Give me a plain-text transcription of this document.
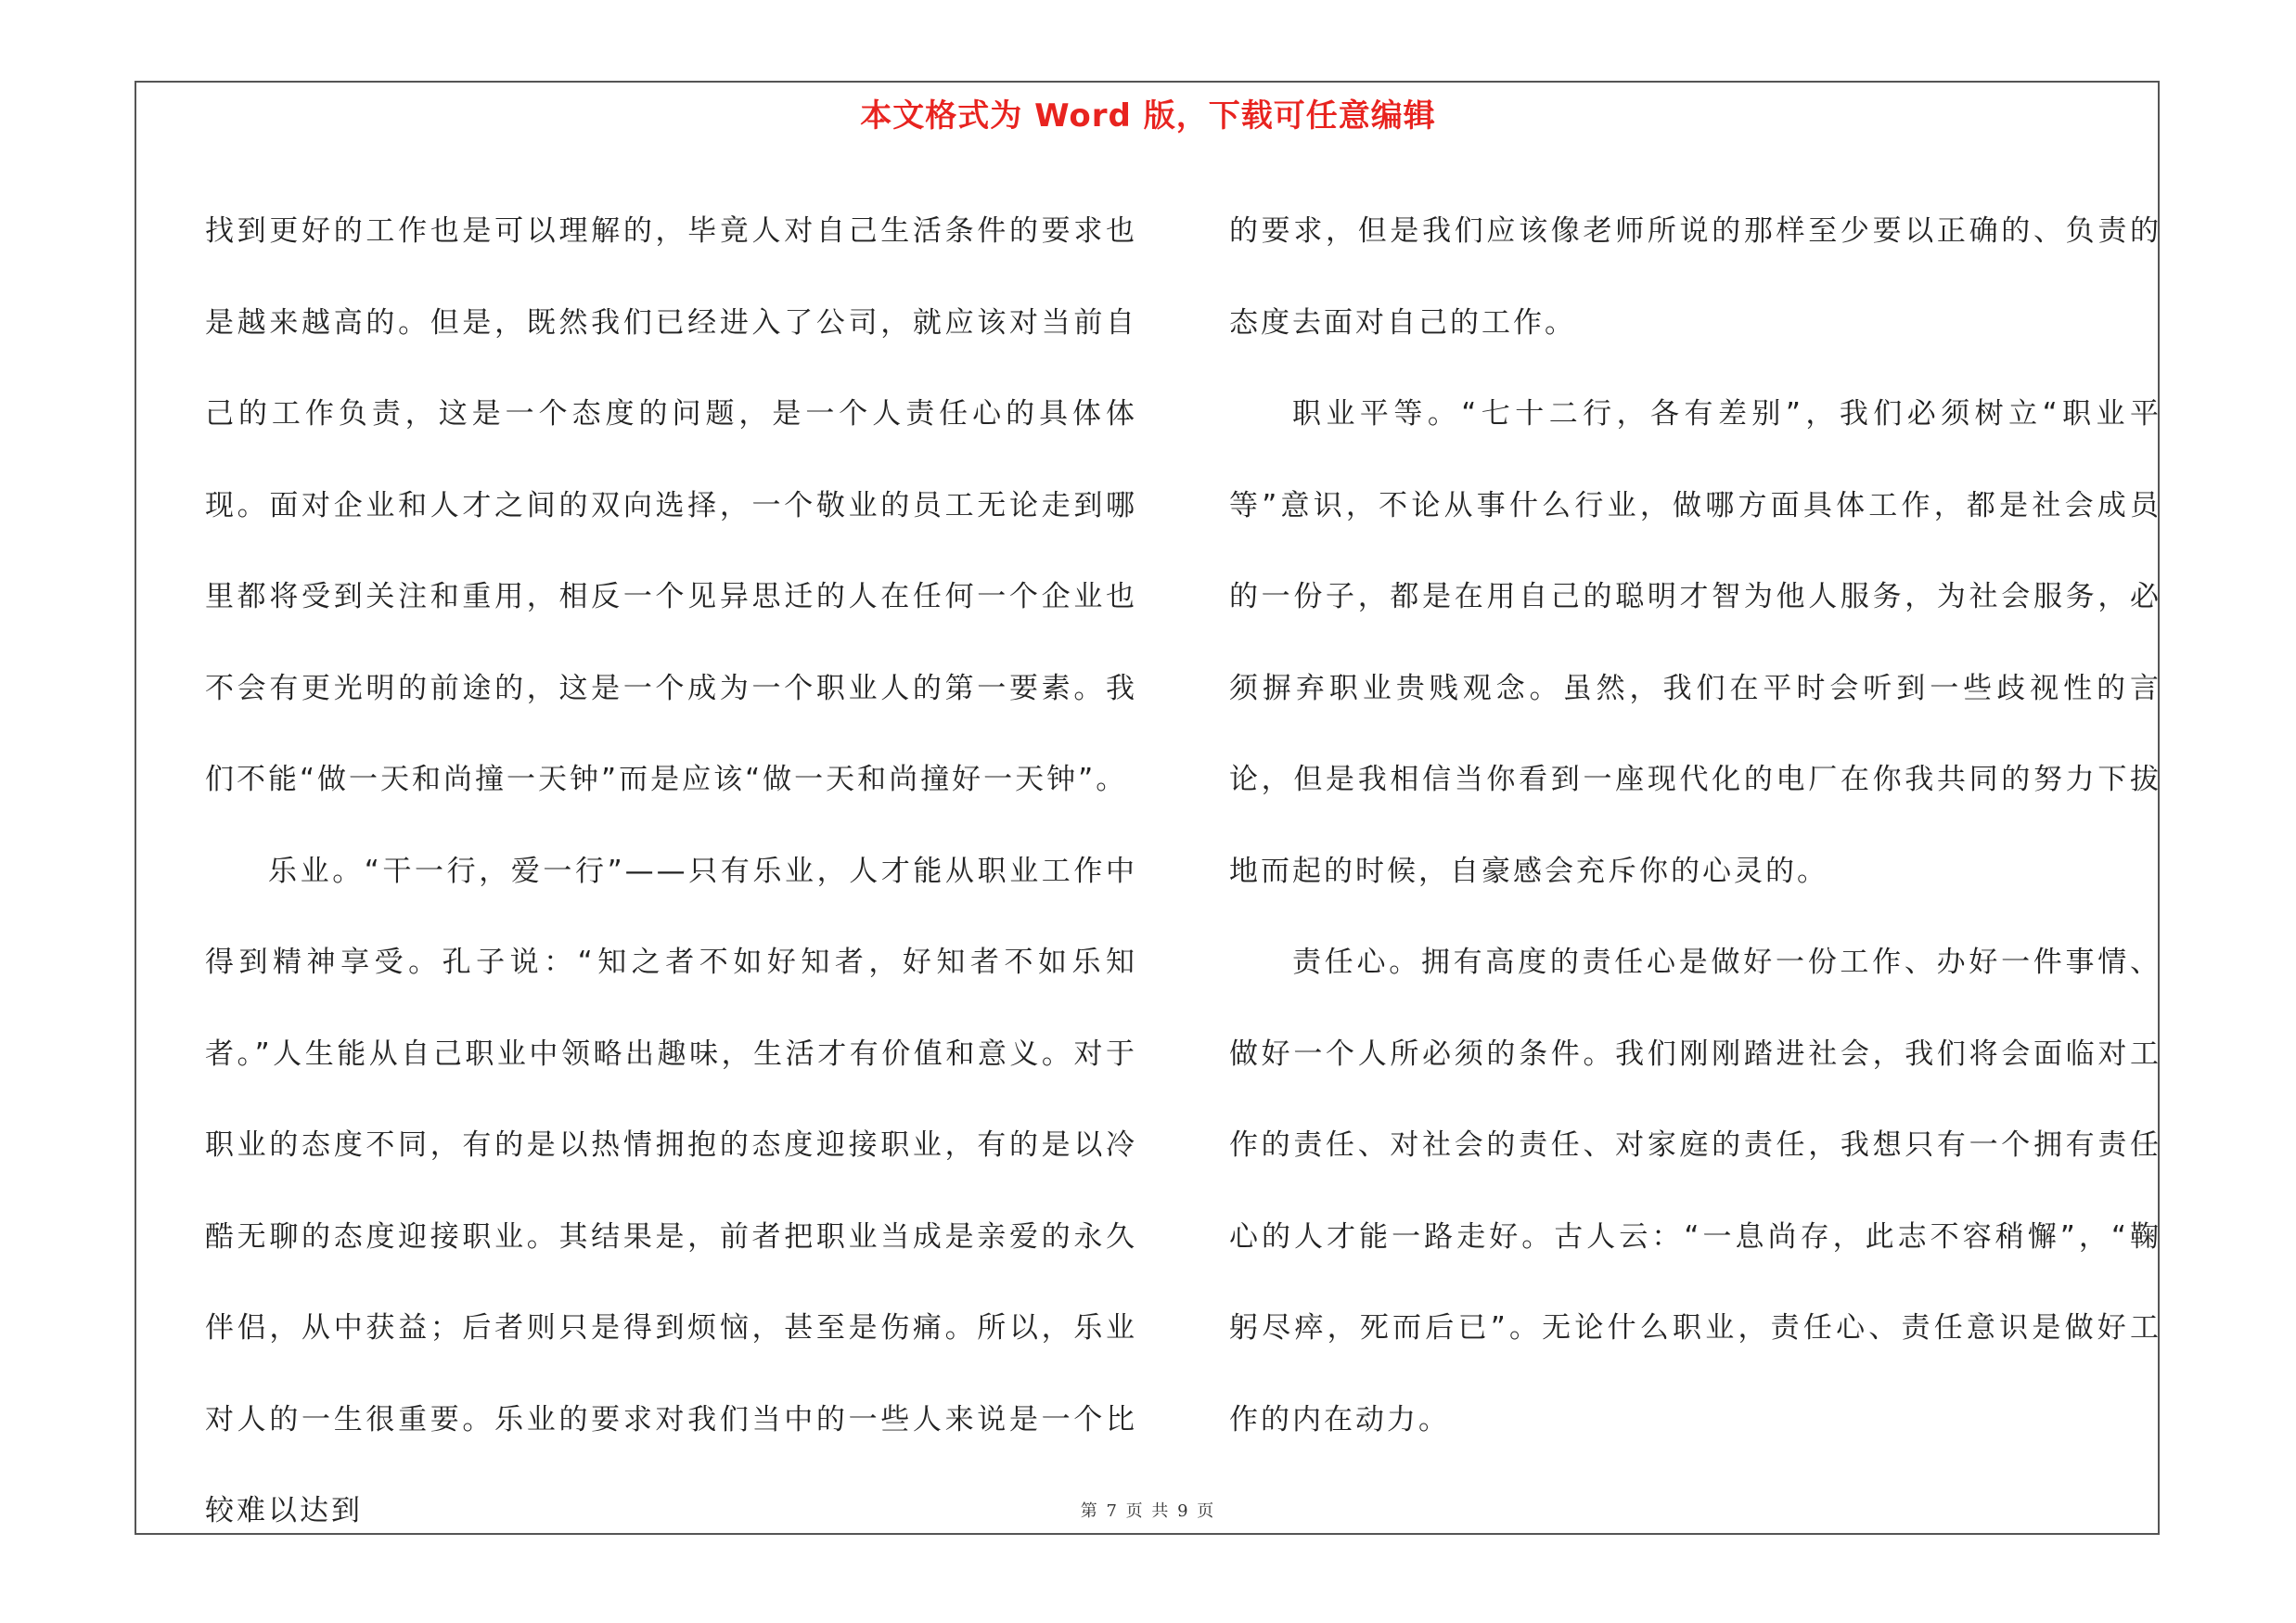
本文格式为 Word 版，下载可任意编辑

找到更好的工作也是可以理解的，毕竟人对自己生活条件的要求也是越来越高的。但是，既然我们已经进入了公司，就应该对当前自己的工作负责，这是一个态度的问题，是一个人责任心的具体体现。面对企业和人才之间的双向选择，一个敬业的员工无论走到哪里都将受到关注和重用，相反一个见异思迁的人在任何一个企业也不会有更光明的前途的，这是一个成为一个职业人的第一要素。我们不能“做一天和尚撞一天钟”而是应该“做一天和尚撞好一天钟”。

乐业。“干一行，爱一行”——只有乐业，人才能从职业工作中得到精神享受。孔子说：“知之者不如好知者，好知者不如乐知者。”人生能从自己职业中领略出趣味，生活才有价值和意义。对于职业的态度不同，有的是以热情拥抱的态度迎接职业，有的是以冷酷无聊的态度迎接职业。其结果是，前者把职业当成是亲爱的永久伴侣，从中获益；后者则只是得到烦恼，甚至是伤痛。所以，乐业对人的一生很重要。乐业的要求对我们当中的一些人来说是一个比较难以达到

的要求，但是我们应该像老师所说的那样至少要以正确的、负责的态度去面对自己的工作。

职业平等。“七十二行，各有差别”，我们必须树立“职业平等”意识，不论从事什么行业，做哪方面具体工作，都是社会成员的一份子，都是在用自己的聪明才智为他人服务，为社会服务，必须摒弃职业贵贱观念。虽然，我们在平时会听到一些歧视性的言论，但是我相信当你看到一座现代化的电厂在你我共同的努力下拔地而起的时候，自豪感会充斥你的心灵的。

责任心。拥有高度的责任心是做好一份工作、办好一件事情、做好一个人所必须的条件。我们刚刚踏进社会，我们将会面临对工作的责任、对社会的责任、对家庭的责任，我想只有一个拥有责任心的人才能一路走好。古人云：“一息尚存，此志不容稍懈”，“鞠躬尽瘁，死而后已”。无论什么职业，责任心、责任意识是做好工作的内在动力。

第 7 页 共 9 页
